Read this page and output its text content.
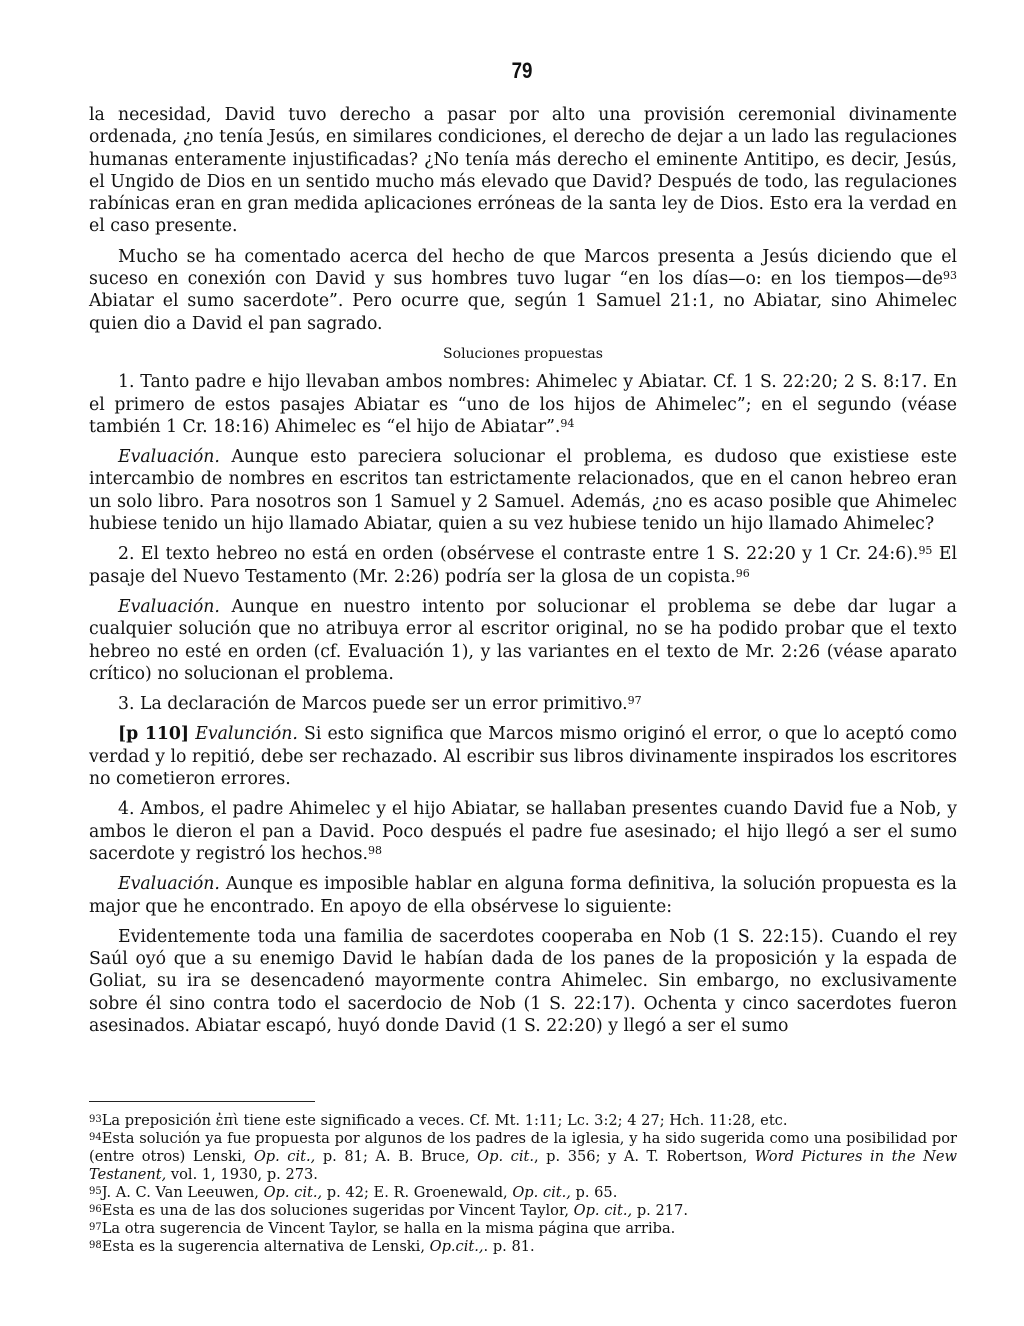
79

la necesidad, David tuvo derecho a pasar por alto una provisión ceremonial divinamente ordenada, ¿no tenía Jesús, en similares condiciones, el derecho de dejar a un lado las regulaciones humanas enteramente injustificadas? ¿No tenía más derecho el eminente Antitipo, es decir, Jesús, el Ungido de Dios en un sentido mucho más elevado que David? Después de todo, las regulaciones rabínicas eran en gran medida aplicaciones erróneas de la santa ley de Dios. Esto era la verdad en el caso presente.

Mucho se ha comentado acerca del hecho de que Marcos presenta a Jesús diciendo que el suceso en conexión con David y sus hombres tuvo lugar “en los días—o: en los tiempos—de$^{93}$ Abiatar el sumo sacerdote”. Pero ocurre que, según 1 Samuel 21:1, no Abiatar, sino Ahimelec quien dio a David el pan sagrado.

Soluciones propuestas

1. Tanto padre e hijo llevaban ambos nombres: Ahimelec y Abiatar. Cf. 1 S. 22:20; 2 S. 8:17. En el primero de estos pasajes Abiatar es “uno de los hijos de Ahimelec”; en el segundo (véase también 1 Cr. 18:16) Ahimelec es “el hijo de Abiatar”.$^{94}$

Evaluación. Aunque esto pareciera solucionar el problema, es dudoso que existiese este intercambio de nombres en escritos tan estrictamente relacionados, que en el canon hebreo eran un solo libro. Para nosotros son 1 Samuel y 2 Samuel. Además, ¿no es acaso posible que Ahimelec hubiese tenido un hijo llamado Abiatar, quien a su vez hubiese tenido un hijo llamado Ahimelec?

2. El texto hebreo no está en orden (obsérvese el contraste entre 1 S. 22:20 y 1 Cr. 24:6).$^{95}$ El pasaje del Nuevo Testamento (Mr. 2:26) podría ser la glosa de un copista.$^{96}$

Evaluación. Aunque en nuestro intento por solucionar el problema se debe dar lugar a cualquier solución que no atribuya error al escritor original, no se ha podido probar que el texto hebreo no esté en orden (cf. Evaluación 1), y las variantes en el texto de Mr. 2:26 (véase aparato crítico) no solucionan el problema.

3. La declaración de Marcos puede ser un error primitivo.$^{97}$

[p 110] Evalunción. Si esto significa que Marcos mismo originó el error, o que lo aceptó como verdad y lo repitió, debe ser rechazado. Al escribir sus libros divinamente inspirados los escritores no cometieron errores.

4. Ambos, el padre Ahimelec y el hijo Abiatar, se hallaban presentes cuando David fue a Nob, y ambos le dieron el pan a David. Poco después el padre fue asesinado; el hijo llegó a ser el sumo sacerdote y registró los hechos.$^{98}$

Evaluación. Aunque es imposible hablar en alguna forma definitiva, la solución propuesta es la major que he encontrado. En apoyo de ella obsérvese lo siguiente:

Evidentemente toda una familia de sacerdotes cooperaba en Nob (1 S. 22:15). Cuando el rey Saúl oyó que a su enemigo David le habían dada de los panes de la proposición y la espada de Goliat, su ira se desencadenó mayormente contra Ahimelec. Sin embargo, no exclusivamente sobre él sino contra todo el sacerdocio de Nob (1 S. 22:17). Ochenta y cinco sacerdotes fueron asesinados. Abiatar escapó, huyó donde David (1 S. 22:20) y llegó a ser el sumo

$^{93}$La preposición ἐπὶ tiene este significado a veces. Cf. Mt. 1:11; Lc. 3:2; 4 27; Hch. 11:28, etc.

$^{94}$Esta solución ya fue propuesta por algunos de los padres de la iglesia, y ha sido sugerida como una posibilidad por (entre otros) Lenski, Op. cit., p. 81; A. B. Bruce, Op. cit., p. 356; y A. T. Robertson, Word Pictures in the New Testanent, vol. 1, 1930, p. 273.

$^{95}$J. A. C. Van Leeuwen, Op. cit., p. 42; E. R. Groenewald, Op. cit., p. 65.

$^{96}$Esta es una de las dos soluciones sugeridas por Vincent Taylor, Op. cit., p. 217.

$^{97}$La otra sugerencia de Vincent Taylor, se halla en la misma página que arriba.

$^{98}$Esta es la sugerencia alternativa de Lenski, Op.cit.,. p. 81.
